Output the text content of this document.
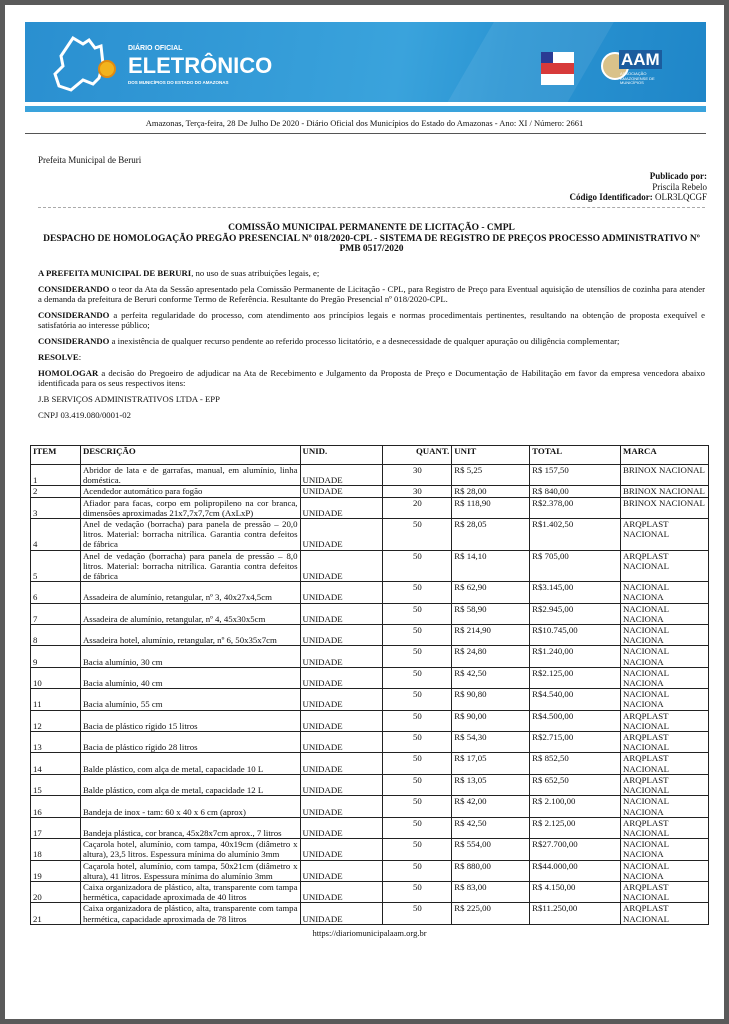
DIÁRIO OFICIAL
ELETRÔNICO
DOS MUNICÍPIOS DO ESTADO DO AMAZONAS
AAM
ASSOCIAÇÃO AMAZONENSE DE MUNICÍPIOS
Amazonas, Terça-feira, 28 De Julho De 2020 - Diário Oficial dos Municípios do Estado do Amazonas - Ano: XI / Número: 2661
Prefeita Municipal de Beruri
Publicado por:
Priscila Rebelo
Código Identificador: OLR3LQCGF
COMISSÃO MUNICIPAL PERMANENTE DE LICITAÇÃO - CMPL
DESPACHO DE HOMOLOGAÇÃO PREGÃO PRESENCIAL Nº 018/2020-CPL - SISTEMA DE REGISTRO DE PREÇOS PROCESSO ADMINISTRATIVO Nº PMB 0517/2020

A PREFEITA MUNICIPAL DE BERURI, no uso de suas atribuições legais, e;

CONSIDERANDO o teor da Ata da Sessão apresentado pela Comissão Permanente de Licitação - CPL, para Registro de Preço para Eventual aquisição de utensílios de cozinha para atender a demanda da prefeitura de Beruri conforme Termo de Referência. Resultante do Pregão Presencial nº 018/2020-CPL.

CONSIDERANDO a perfeita regularidade do processo, com atendimento aos princípios legais e normas procedimentais pertinentes, resultando na obtenção de proposta exequível e satisfatória ao interesse público;

CONSIDERANDO a inexistência de qualquer recurso pendente ao referido processo licitatório, e a desnecessidade de qualquer apuração ou diligência complementar;

RESOLVE:

HOMOLOGAR a decisão do Pregoeiro de adjudicar na Ata de Recebimento e Julgamento da Proposta de Preço e Documentação de Habilitação em favor da empresa vencedora abaixo identificada para os seus respectivos itens:

J.B SERVIÇOS ADMINISTRATIVOS LTDA - EPP

CNPJ 03.419.080/0001-02

ITEM	DESCRIÇÃO	UNID.	QUANT.	UNIT	TOTAL	MARCA
1	Abridor de lata e de garrafas, manual, em alumínio, linha doméstica.	UNIDADE	30	R$ 5,25	R$ 157,50	BRINOX NACIONAL
2	Acendedor automático para fogão	UNIDADE	30	R$ 28,00	R$ 840,00	BRINOX NACIONAL
3	Afiador para facas, corpo em polipropileno na cor branca, dimensões aproximadas 21x7,7x7,7cm (AxLxP)	UNIDADE	20	R$ 118,90	R$2.378,00	BRINOX NACIONAL
4	Anel de vedação (borracha) para panela de pressão – 20,0 litros. Material: borracha nitrílica. Garantia contra defeitos de fábrica	UNIDADE	50	R$ 28,05	R$1.402,50	ARQPLAST NACIONAL
5	Anel de vedação (borracha) para panela de pressão – 8,0 litros. Material: borracha nitrílica. Garantia contra defeitos de fábrica	UNIDADE	50	R$ 14,10	R$ 705,00	ARQPLAST NACIONAL
6	Assadeira de alumínio, retangular, nº 3, 40x27x4,5cm	UNIDADE	50	R$ 62,90	R$3.145,00	NACIONAL NACIONA
7	Assadeira de alumínio, retangular, nº 4, 45x30x5cm	UNIDADE	50	R$ 58,90	R$2.945,00	NACIONAL NACIONA
8	Assadeira hotel, alumínio, retangular, nº 6, 50x35x7cm	UNIDADE	50	R$ 214,90	R$10.745,00	NACIONAL NACIONA
9	Bacia alumínio, 30 cm	UNIDADE	50	R$ 24,80	R$1.240,00	NACIONAL NACIONA
10	Bacia alumínio, 40 cm	UNIDADE	50	R$ 42,50	R$2.125,00	NACIONAL NACIONA
11	Bacia alumínio, 55 cm	UNIDADE	50	R$ 90,80	R$4.540,00	NACIONAL NACIONA
12	Bacia de plástico rígido 15 litros	UNIDADE	50	R$ 90,00	R$4.500,00	ARQPLAST NACIONAL
13	Bacia de plástico rígido 28 litros	UNIDADE	50	R$ 54,30	R$2.715,00	ARQPLAST NACIONAL
14	Balde plástico, com alça de metal, capacidade 10 L	UNIDADE	50	R$ 17,05	R$ 852,50	ARQPLAST NACIONAL
15	Balde plástico, com alça de metal, capacidade 12 L	UNIDADE	50	R$ 13,05	R$ 652,50	ARQPLAST NACIONAL
16	Bandeja de inox - tam: 60 x 40 x 6 cm (aprox)	UNIDADE	50	R$ 42,00	R$ 2.100,00	NACIONAL NACIONA
17	Bandeja plástica, cor branca, 45x28x7cm aprox., 7 litros	UNIDADE	50	R$ 42,50	R$ 2.125,00	ARQPLAST NACIONAL
18	Caçarola hotel, alumínio, com tampa, 40x19cm (diâmetro x altura), 23,5 litros. Espessura mínima do alumínio 3mm	UNIDADE	50	R$ 554,00	R$27.700,00	NACIONAL NACIONA
19	Caçarola hotel, alumínio, com tampa, 50x21cm (diâmetro x altura), 41 litros. Espessura mínima do alumínio 3mm	UNIDADE	50	R$ 880,00	R$44.000,00	NACIONAL NACIONA
20	Caixa organizadora de plástico, alta, transparente com tampa hermética, capacidade aproximada de 40 litros	UNIDADE	50	R$ 83,00	R$ 4.150,00	ARQPLAST NACIONAL
21	Caixa organizadora de plástico, alta, transparente com tampa hermética, capacidade aproximada de 78 litros	UNIDADE	50	R$ 225,00	R$11.250,00	ARQPLAST NACIONAL
https://diariomunicipalaam.org.br
